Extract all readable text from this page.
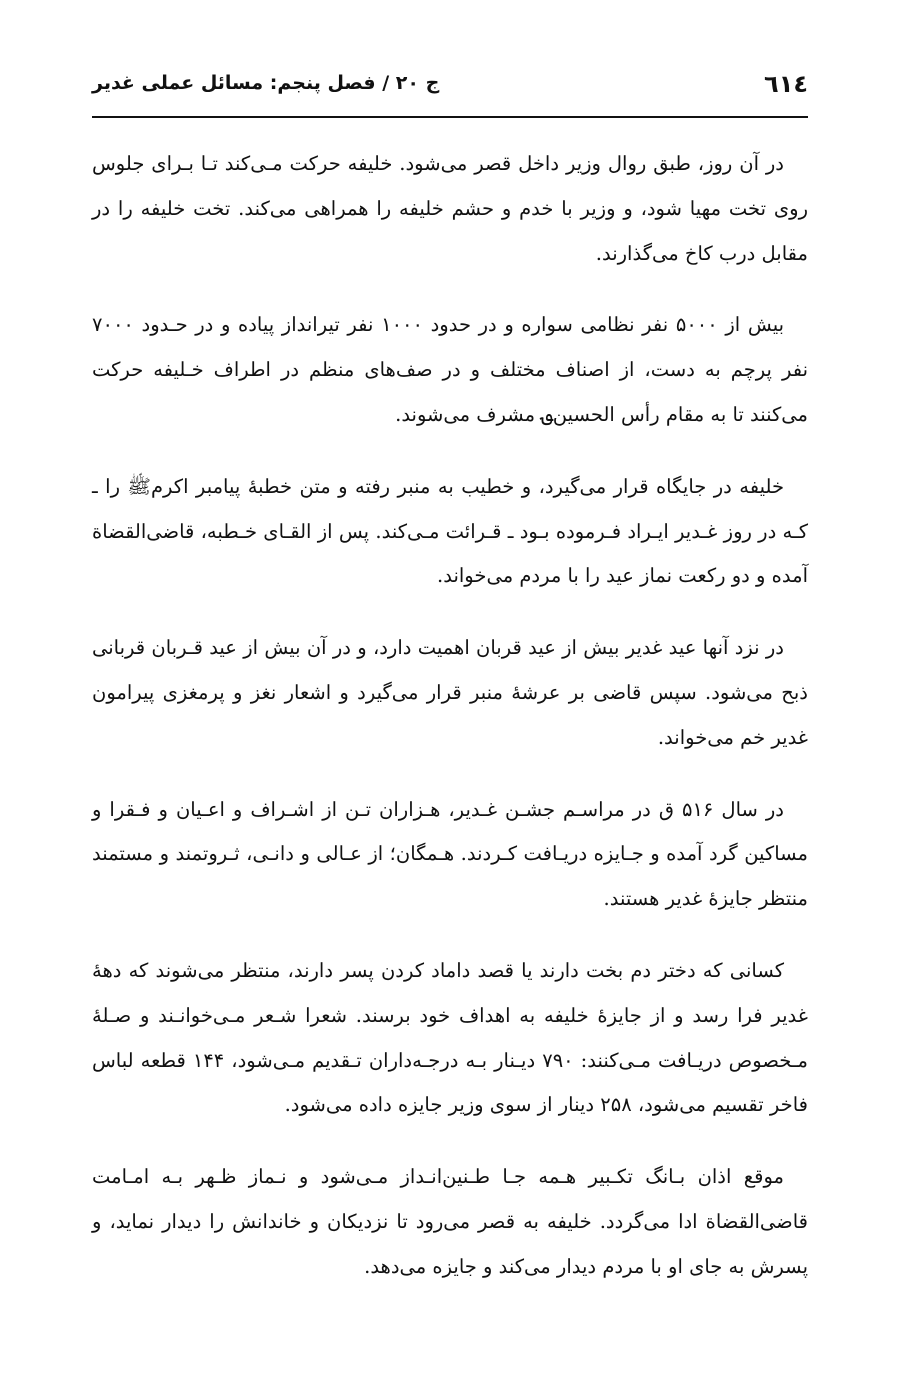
٦١٤
ج ۲۰ / فصل پنجم: مسائل عملی غدیر

در آن روز، طبق روال وزیر داخل قصر می‌شود. خلیفه حرکت مـی‌کند تـا بـرای جلوس روی تخت مهیا شود، و وزیر با خدم و حشم خلیفه را همراهی می‌کند. تخت خلیفه را در مقابل درب کاخ می‌گذارند.

بیش از ۵۰۰۰ نفر نظامی سواره و در حدود ۱۰۰۰ نفر تیرانداز پیاده و در حـدود ۷۰۰۰ نفر پرچم به دست، از اصناف مختلف و در صف‌های منظم در اطراف خـلیفه حرکت می‌کنند تا به مقام رأس الحسین؈ مشرف می‌شوند.

خلیفه در جایگاه قرار می‌گیرد، و خطیب به منبر رفته و متن خطبهٔ پیامبر اکرمﷺ را ـ کـه در روز غـدیر ایـراد فـرموده بـود ـ قـرائت مـی‌کند. پس از القـای خـطبه، قاضی‌القضاة آمده و دو رکعت نماز عید را با مردم می‌خواند.

در نزد آنها عید غدیر بیش از عید قربان اهمیت دارد، و در آن بیش از عید قـربان قربانی ذبح می‌شود. سپس قاضی بر عرشهٔ منبر قرار می‌گیرد و اشعار نغز و پرمغزی پیرامون غدیر خم می‌خواند.

در سال ۵۱۶ ق در مراسـم جشـن غـدیر، هـزاران تـن از اشـراف و اعـیان و فـقرا و مساکین گرد آمده و جـایزه دریـافت کـردند. هـمگان؛ از عـالی و دانـی، ثـروتمند و مستمند منتظر جایزهٔ غدیر هستند.

کسانی که دختر دم بخت دارند یا قصد داماد کردن پسر دارند، منتظر می‌شوند که دههٔ غدیر فرا رسد و از جایزهٔ خلیفه به اهداف خود برسند. شعرا شـعر مـی‌خوانـند و صـلهٔ مـخصوص دریـافت مـی‌کنند: ۷۹۰ دیـنار بـه درجـه‌داران تـقدیم مـی‌شود، ۱۴۴ قطعه لباس فاخر تقسیم می‌شود، ۲۵۸ دینار از سوی وزیر جایزه داده می‌شود.

موقع اذان بـانگ تکـبیر هـمه جـا طـنین‌انـداز مـی‌شود و نـماز ظـهر بـه امـامت قاضی‌القضاة ادا می‌گردد. خلیفه به قصر می‌رود تا نزدیکان و خاندانش را دیدار نماید، و پسرش به جای او با مردم دیدار می‌کند و جایزه می‌دهد.
